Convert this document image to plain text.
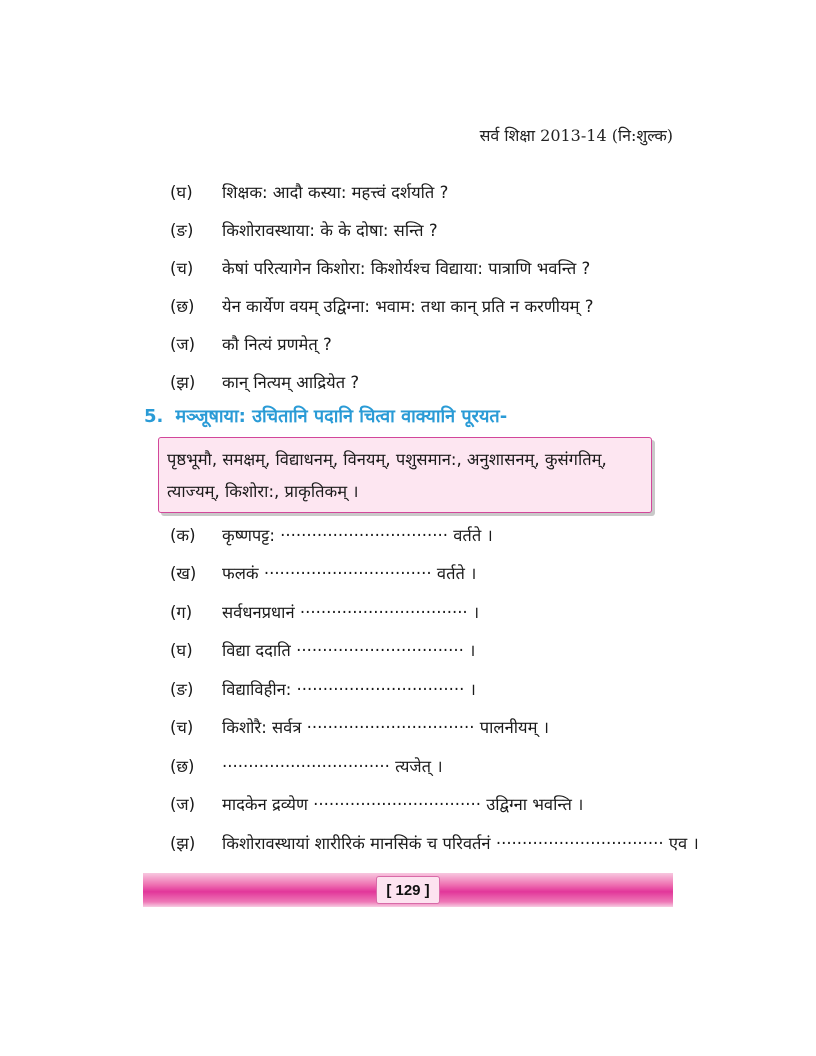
सर्व शिक्षा 2013-14 (नि:शुल्क)
(घ)	शिक्षक: आदौ कस्या: महत्त्वं दर्शयति ?
(ङ)	किशोरावस्थाया: के के दोषा: सन्ति ?
(च)	केषां परित्यागेन किशोरा: किशोर्यश्च विद्याया: पात्राणि भवन्ति ?
(छ)	येन कार्येण वयम् उद्विग्ना: भवाम: तथा कान् प्रति न करणीयम् ?
(ज)	कौ नित्यं प्रणमेत् ?
(झ)	कान् नित्यम् आद्रियेत ?
5. मञ्जूषाया: उचितानि पदानि चित्वा वाक्यानि पूरयत-
पृष्ठभूमौ, समक्षम्, विद्याधनम्, विनयम्, पशुसमान:, अनुशासनम्, कुसंगतिम्,
त्याज्यम्, किशोरा:, प्राकृतिकम् ।
(क)	कृष्णपट्ट: ································ वर्तते ।
(ख)	फलकं ································ वर्तते ।
(ग)	सर्वधनप्रधानं ································ ।
(घ)	विद्या ददाति ································ ।
(ङ)	विद्याविहीन: ································ ।
(च)	किशोरै: सर्वत्र ································ पालनीयम् ।
(छ)	································ त्यजेत् ।
(ज)	मादकेन द्रव्येण ································ उद्विग्ना भवन्ति ।
(झ)	किशोरावस्थायां शारीरिकं मानसिकं च परिवर्तनं ································ एव ।
[ 129 ]
